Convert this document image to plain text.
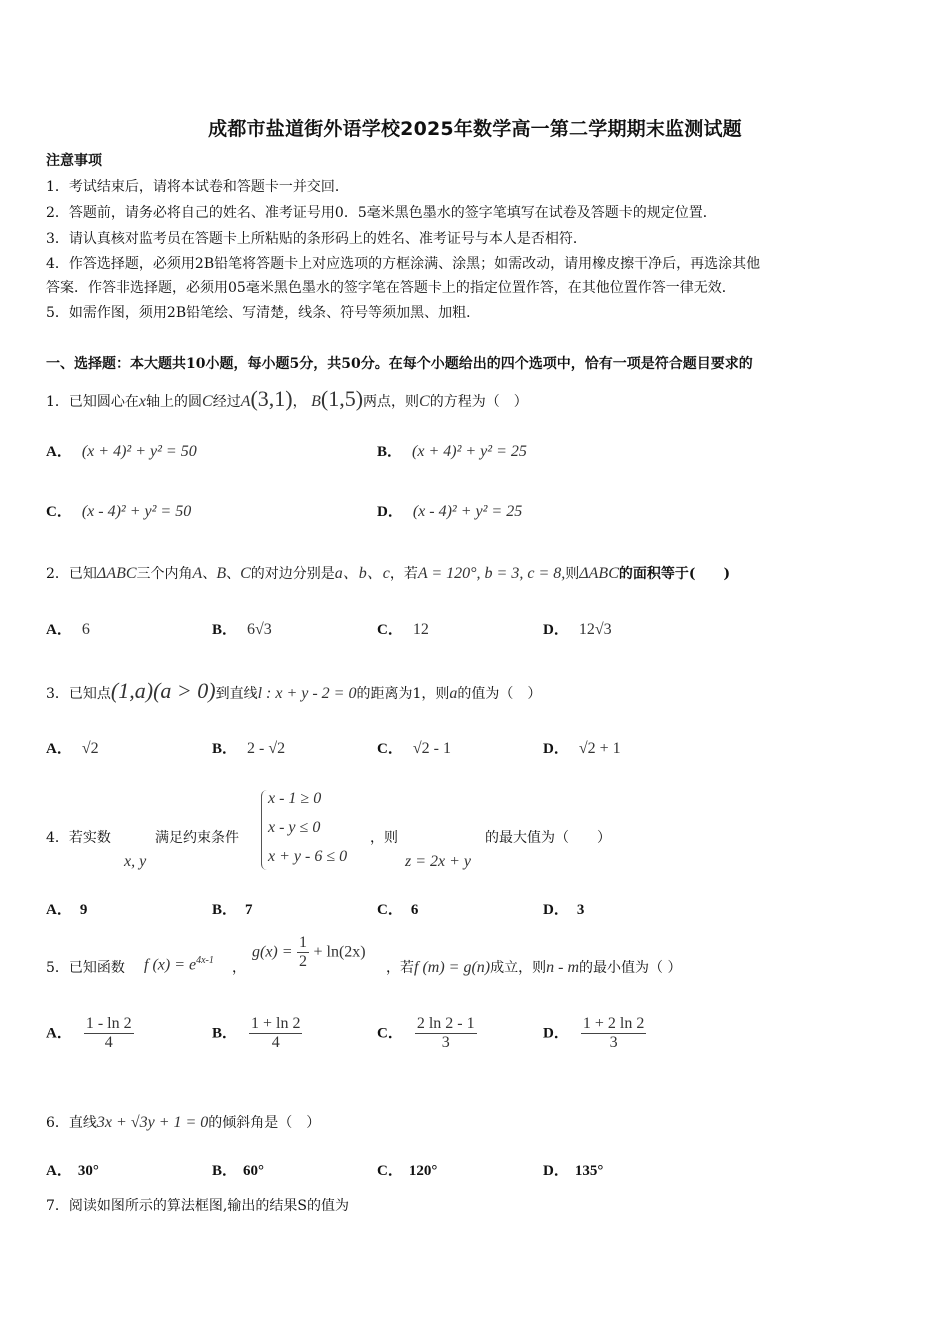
成都市盐道街外语学校2025年数学高一第二学期期末监测试题
注意事项
1．考试结束后，请将本试卷和答题卡一并交回．
2．答题前，请务必将自己的姓名、准考证号用0．5毫米黑色墨水的签字笔填写在试卷及答题卡的规定位置．
3．请认真核对监考员在答题卡上所粘贴的条形码上的姓名、准考证号与本人是否相符．
4．作答选择题，必须用2B铅笔将答题卡上对应选项的方框涂满、涂黑；如需改动，请用橡皮擦干净后，再选涂其他
答案．作答非选择题，必须用05毫米黑色墨水的签字笔在答题卡上的指定位置作答，在其他位置作答一律无效．
5．如需作图，须用2B铅笔绘、写清楚，线条、符号等须加黑、加粗．
一、选择题：本大题共10小题，每小题5分，共50分。在每个小题给出的四个选项中，恰有一项是符合题目要求的
1．已知圆心在x轴上的圆C经过A(3,1)， B(1,5)两点，则C的方程为（　）
A． (x + 4)² + y² = 50	B． (x + 4)² + y² = 25
C． (x - 4)² + y² = 50	D． (x - 4)² + y² = 25
2．已知ΔABC三个内角A、B、C的对边分别是a、b、c，若A = 120°, b = 3, c = 8,则ΔABC的面积等于(　　)
A． 6	B． 6√3	C． 12	D． 12√3
3．已知点(1,a)(a > 0)到直线l : x + y - 2 = 0的距离为1，则a的值为（　）
A． √2	B． 2 - √2	C． √2 - 1	D． √2 + 1
4．若实数
x, y
满足约束条件
x - 1 ≥ 0
x - y ≤ 0
x + y - 6 ≤ 0
，则
z = 2x + y
的最大值为（　　）
A． 9	B． 7	C． 6	D． 3
5．已知函数 f $(x) = e^{4x-1}$ ，
$g(x) = \frac{1}{2} + \ln(2x)$
，若f (m) = g(n)成立，则n - m的最小值为（ ）
A． $\frac{1 - \ln 2}{4}$	B． $\frac{1 + \ln 2}{4}$	C． $\frac{2 \ln 2 - 1}{3}$	D． $\frac{1 + 2 \ln 2}{3}$
6．直线3x + √3y + 1 = 0的倾斜角是（　）
A． 30°	B． 60°	C． 120°	D． 135°
7．阅读如图所示的算法框图,输出的结果S的值为
